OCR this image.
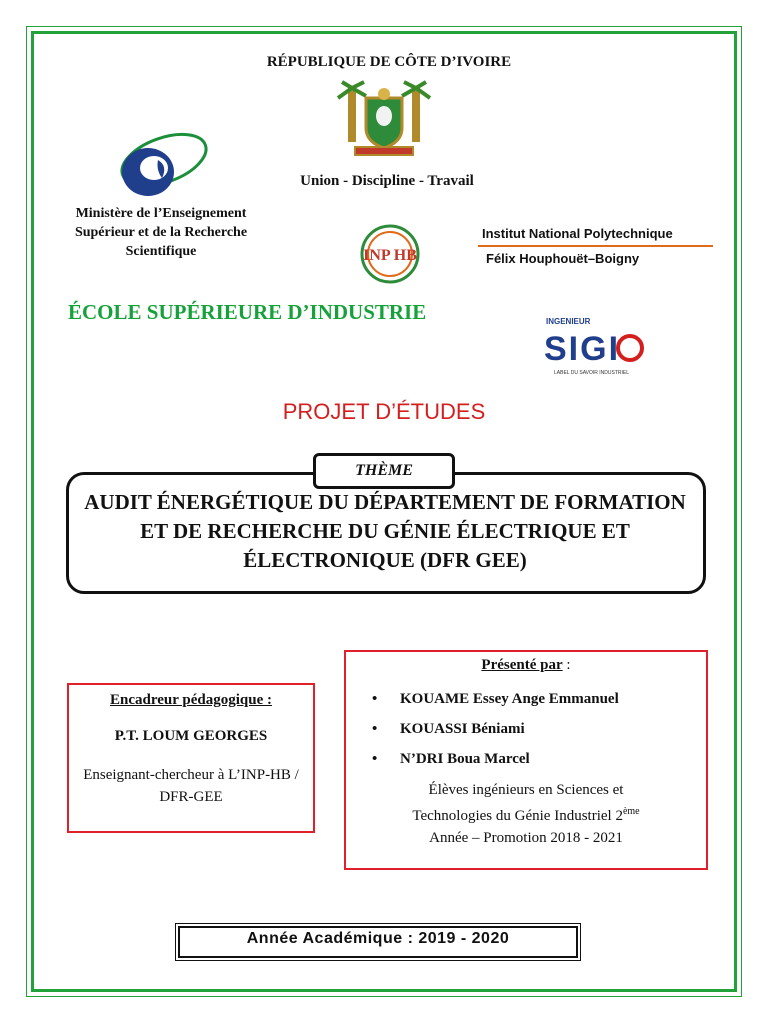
RÉPUBLIQUE DE CÔTE D’IVOIRE
Union - Discipline - Travail
Ministère de l’Enseignement Supérieur et de la Recherche Scientifique	INP HB
Institut National Polytechnique
Félix Houphouët–Boigny
ÉCOLE SUPÉRIEURE D’INDUSTRIE	INGENIEUR
SIGI
LABEL DU SAVOIR INDUSTRIEL
PROJET D’ÉTUDES
THÈME
AUDIT ÉNERGÉTIQUE DU DÉPARTEMENT DE FORMATION ET DE RECHERCHE DU GÉNIE ÉLECTRIQUE ET ÉLECTRONIQUE (DFR GEE)
Encadreur pédagogique :
P.T. LOUM GEORGES
Enseignant-chercheur à L’INP-HB / DFR-GEE
Présenté par :
• KOUAME Essey Ange Emmanuel
• KOUASSI Béniami
• N’DRI Boua Marcel
Élèves ingénieurs en Sciences et
Technologies du Génie Industriel 2ème
Année – Promotion 2018 - 2021
Année Académique : 2019 - 2020
